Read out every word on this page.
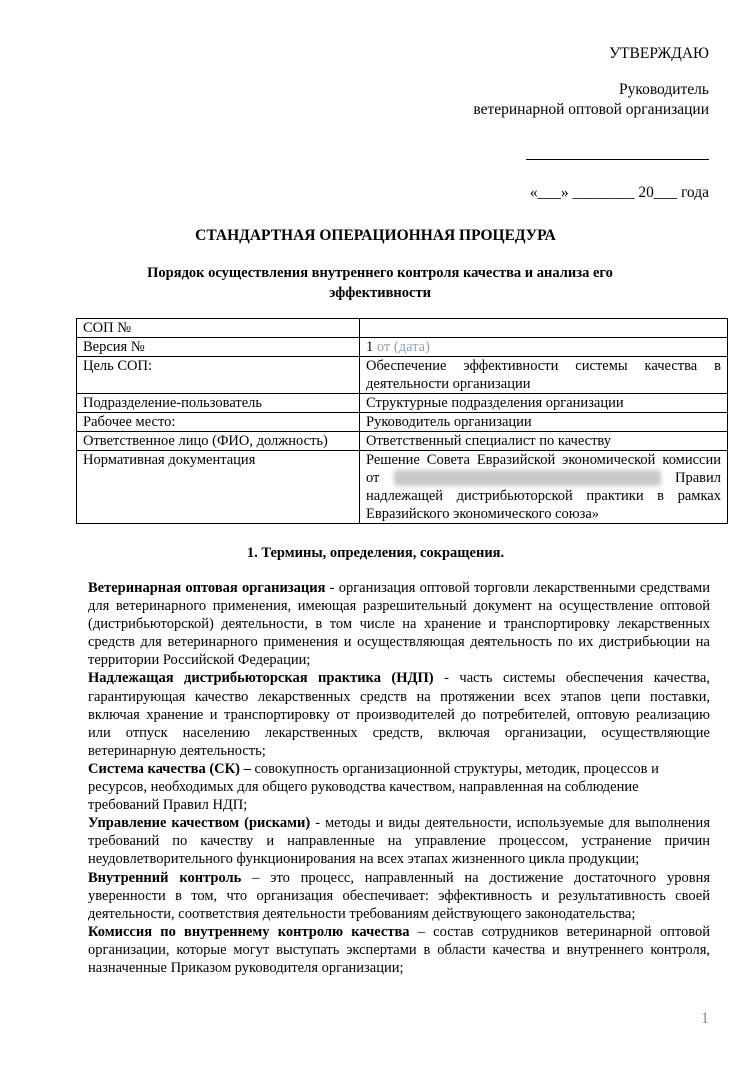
УТВЕРЖДАЮ
Руководитель
ветеринарной оптовой организации
«___» ________ 20___ года
СТАНДАРТНАЯ ОПЕРАЦИОННАЯ ПРОЦЕДУРА
Порядок осуществления внутреннего контроля качества и анализа его эффективности
СОП №	
Версия №	1 от (дата)
Цель СОП:	Обеспечение эффективности системы качества в деятельности организации
Подразделение-пользователь	Структурные подразделения организации
Рабочее место:	Руководитель организации
Ответственное лицо (ФИО, должность)	Ответственный специалист по качеству
Нормативная документация	Решение Совета Евразийской экономической комиссии от Правил надлежащей дистрибьюторской практики в рамках Евразийского экономического союза»
1. Термины, определения, сокращения.

Ветеринарная оптовая организация - организация оптовой торговли лекарственными средствами для ветеринарного применения, имеющая разрешительный документ на осуществление оптовой (дистрибьюторской) деятельности, в том числе на хранение и транспортировку лекарственных средств для ветеринарного применения и осуществляющая деятельность по их дистрибьюции на территории Российской Федерации;

Надлежащая дистрибьюторская практика (НДП) - часть системы обеспечения качества, гарантирующая качество лекарственных средств на протяжении всех этапов цепи поставки, включая хранение и транспортировку от производителей до потребителей, оптовую реализацию или отпуск населению лекарственных средств, включая организации, осуществляющие ветеринарную деятельность;

Система качества (СК) – совокупность организационной структуры, методик, процессов и ресурсов, необходимых для общего руководства качеством, направленная на соблюдение требований Правил НДП;

Управление качеством (рисками) - методы и виды деятельности, используемые для выполнения требований по качеству и направленные на управление процессом, устранение причин неудовлетворительного функционирования на всех этапах жизненного цикла продукции;

Внутренний контроль – это процесс, направленный на достижение достаточного уровня уверенности в том, что организация обеспечивает: эффективность и результативность своей деятельности, соответствия деятельности требованиям действующего законодательства;

Комиссия по внутреннему контролю качества – состав сотрудников ветеринарной оптовой организации, которые могут выступать экспертами в области качества и внутреннего контроля, назначенные Приказом руководителя организации;

1
